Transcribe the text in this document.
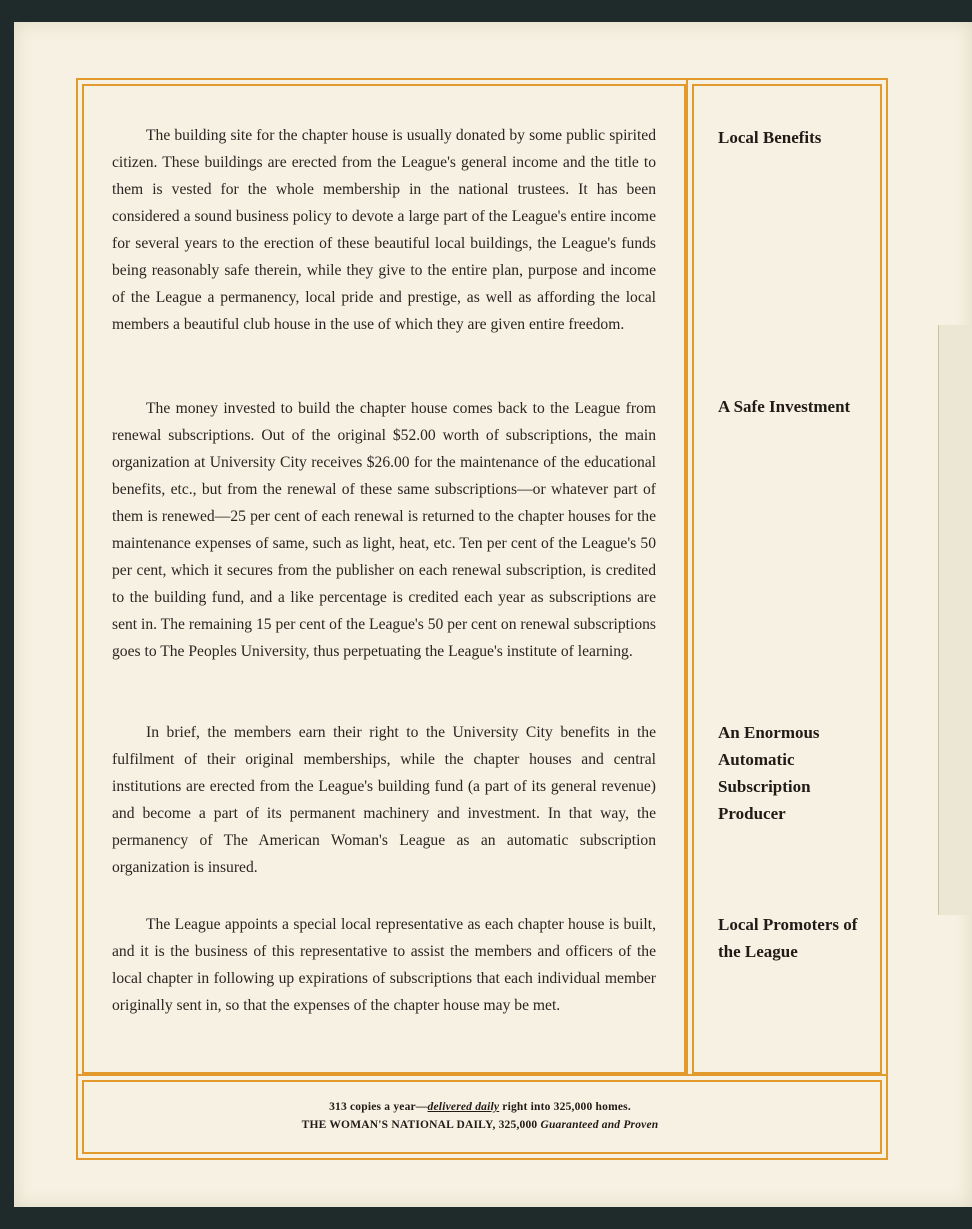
The building site for the chapter house is usually donated by some public spirited citizen. These buildings are erected from the League's general income and the title to them is vested for the whole membership in the national trustees. It has been considered a sound business policy to devote a large part of the League's entire income for several years to the erection of these beautiful local buildings, the League's funds being reasonably safe therein, while they give to the entire plan, purpose and income of the League a permanency, local pride and prestige, as well as affording the local members a beautiful club house in the use of which they are given entire freedom.

The money invested to build the chapter house comes back to the League from renewal subscriptions. Out of the original $52.00 worth of subscriptions, the main organization at University City receives $26.00 for the maintenance of the educational benefits, etc., but from the renewal of these same subscriptions—or whatever part of them is renewed—25 per cent of each renewal is returned to the chapter houses for the maintenance expenses of same, such as light, heat, etc. Ten per cent of the League's 50 per cent, which it secures from the publisher on each renewal subscription, is credited to the building fund, and a like percentage is credited each year as subscriptions are sent in. The remaining 15 per cent of the League's 50 per cent on renewal subscriptions goes to The Peoples University, thus perpetuating the League's institute of learning.

In brief, the members earn their right to the University City benefits in the fulfilment of their original memberships, while the chapter houses and central institutions are erected from the League's building fund (a part of its general revenue) and become a part of its permanent machinery and investment. In that way, the permanency of The American Woman's League as an automatic subscription organization is insured.

The League appoints a special local representative as each chapter house is built, and it is the business of this representative to assist the members and officers of the local chapter in following up expirations of subscriptions that each individual member originally sent in, so that the expenses of the chapter house may be met.

Local Benefits

A Safe Investment

An Enormous Automatic Subscription Producer

Local Promoters of the League

313 copies a year—delivered daily right into 325,000 homes.
THE WOMAN'S NATIONAL DAILY, 325,000 Guaranteed and Proven
